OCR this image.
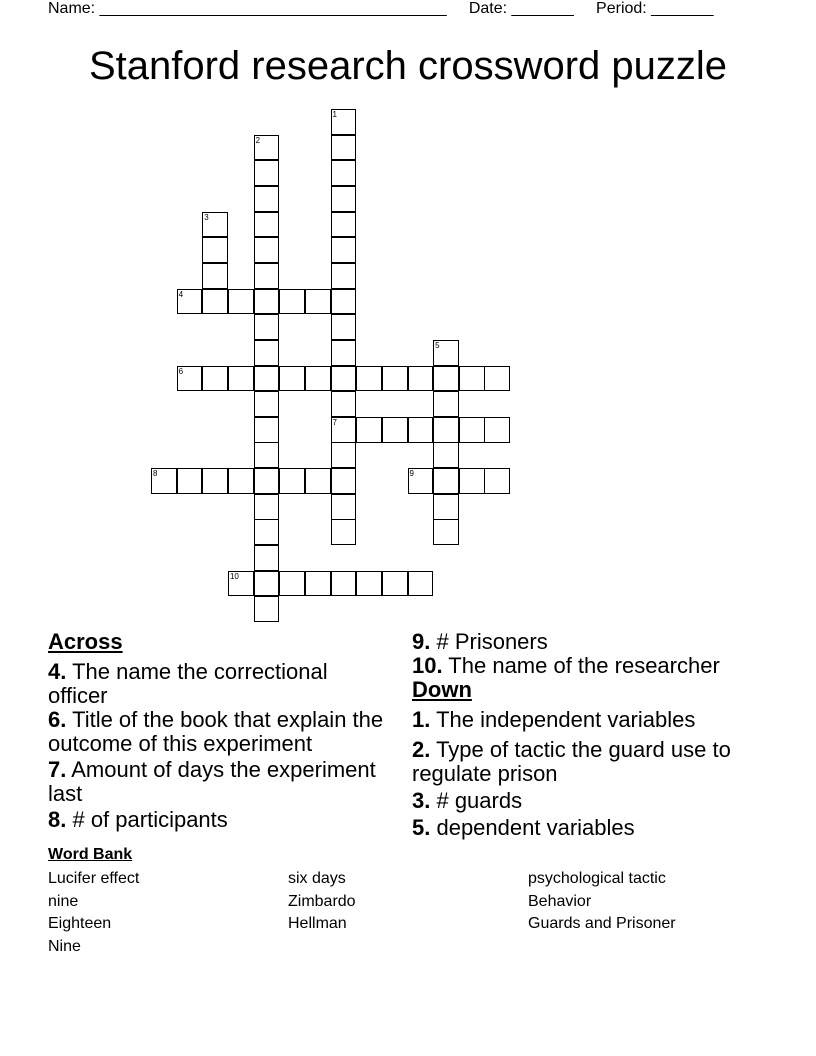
Name: _______________________________________     Date: _______     Period: _______
Stanford research crossword puzzle
1
2
3
4
5
6
7
8	9
10
Across
4. The name the correctional officer
6. Title of the book that explain the outcome of this experiment
7. Amount of days the experiment last
8. # of participants
9. # Prisoners
10. The name of the researcher
Down
1. The independent variables
2. Type of tactic the guard use to regulate prison
3. # guards
5. dependent variables
Word Bank
Lucifer effect
nine
Eighteen
Nine
six days
Zimbardo
Hellman
psychological tactic
Behavior
Guards and Prisoner
